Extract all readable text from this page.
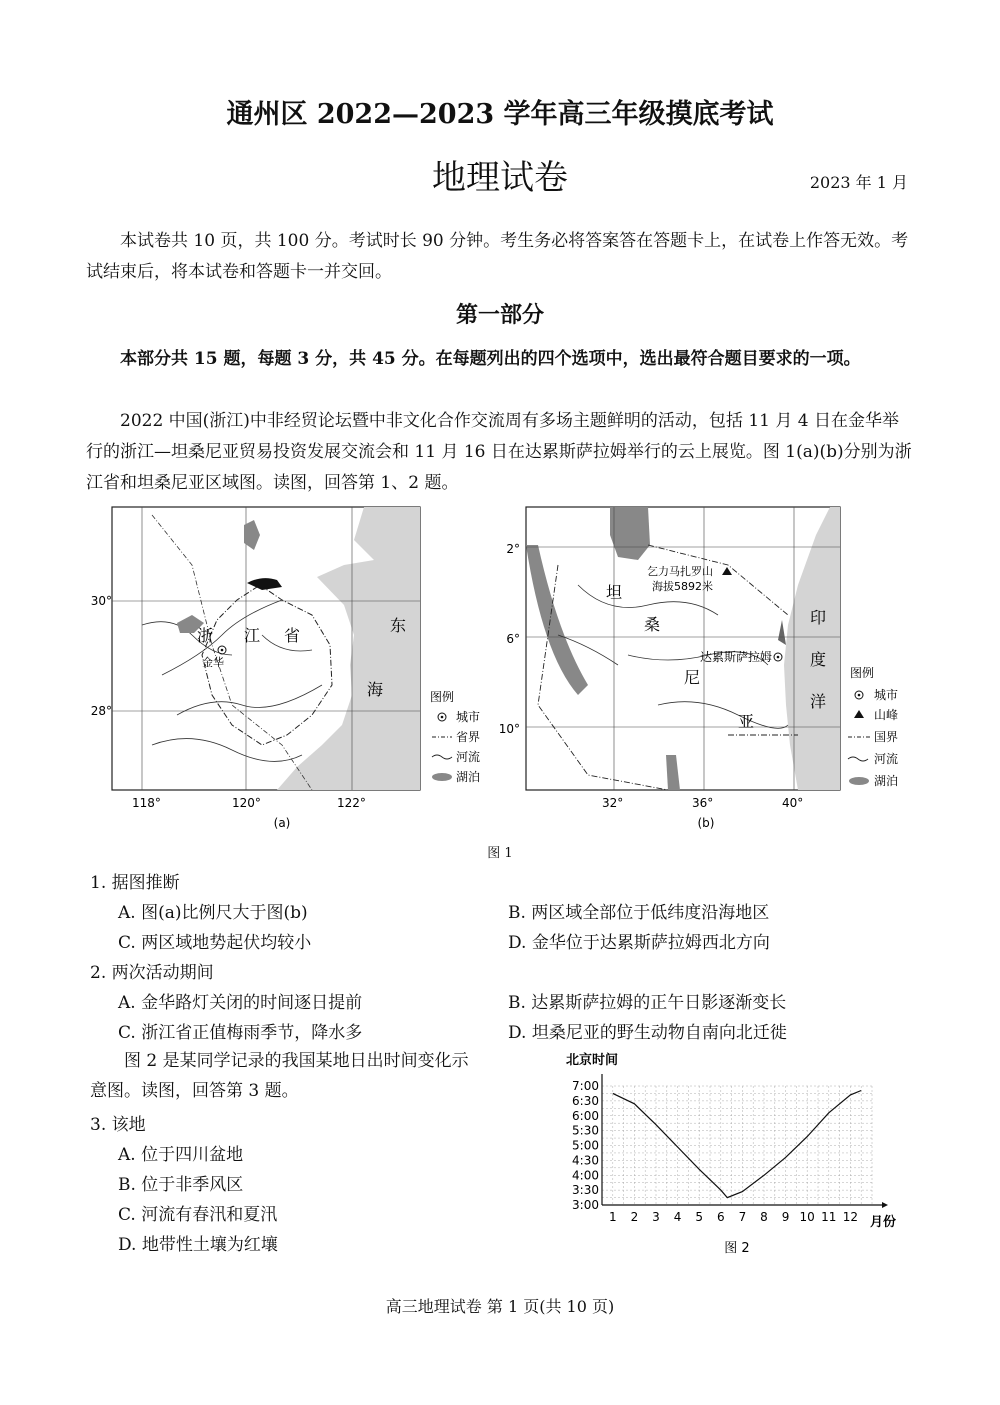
通州区 2022—2023 学年高三年级摸底考试
地理试卷	2023 年 1 月
本试卷共 10 页，共 100 分。考试时长 90 分钟。考生务必将答案答在答题卡上，在试卷上作答无效。考试结束后，将本试卷和答题卡一并交回。
第一部分
本部分共 15 题，每题 3 分，共 45 分。在每题列出的四个选项中，选出最符合题目要求的一项。
2022 中国(浙江)中非经贸论坛暨中非文化合作交流周有多场主题鲜明的活动，包括 11 月 4 日在金华举行的浙江—坦桑尼亚贸易投资发展交流会和 11 月 16 日在达累斯萨拉姆举行的云上展览。图 1(a)(b)分别为浙江省和坦桑尼亚区域图。读图，回答第 1、2 题。
30°
28°
118°	120°	122°
浙 江 省
东
海
金华
图例
城市
省界
河流
湖泊
(a)
乞力马扎罗山
海拔5892米
达累斯萨拉姆
2°
6°
10°
32°	36°	40°
坦
桑
尼
亚
印
度
洋
图例
城市
山峰
国界
河流
湖泊
(b)
图 1
1. 据图推断
A. 图(a)比例尺大于图(b)	B. 两区域全部位于低纬度沿海地区
C. 两区域地势起伏均较小	D. 金华位于达累斯萨拉姆西北方向
2. 两次活动期间
A. 金华路灯关闭的时间逐日提前	B. 达累斯萨拉姆的正午日影逐渐变长
C. 浙江省正值梅雨季节，降水多	D. 坦桑尼亚的野生动物自南向北迁徙
图 2 是某同学记录的我国某地日出时间变化示意图。读图，回答第 3 题。
3. 该地
A. 位于四川盆地
B. 位于非季风区
C. 河流有春汛和夏汛
D. 地带性土壤为红壤
北京时间
月份
图 2
7:00
6:30
6:00
5:30
5:00
4:30
4:00
3:30
3:00
1 2 3 4 5 6 7 8 9 10 11 12
高三地理试卷 第 1 页(共 10 页)
